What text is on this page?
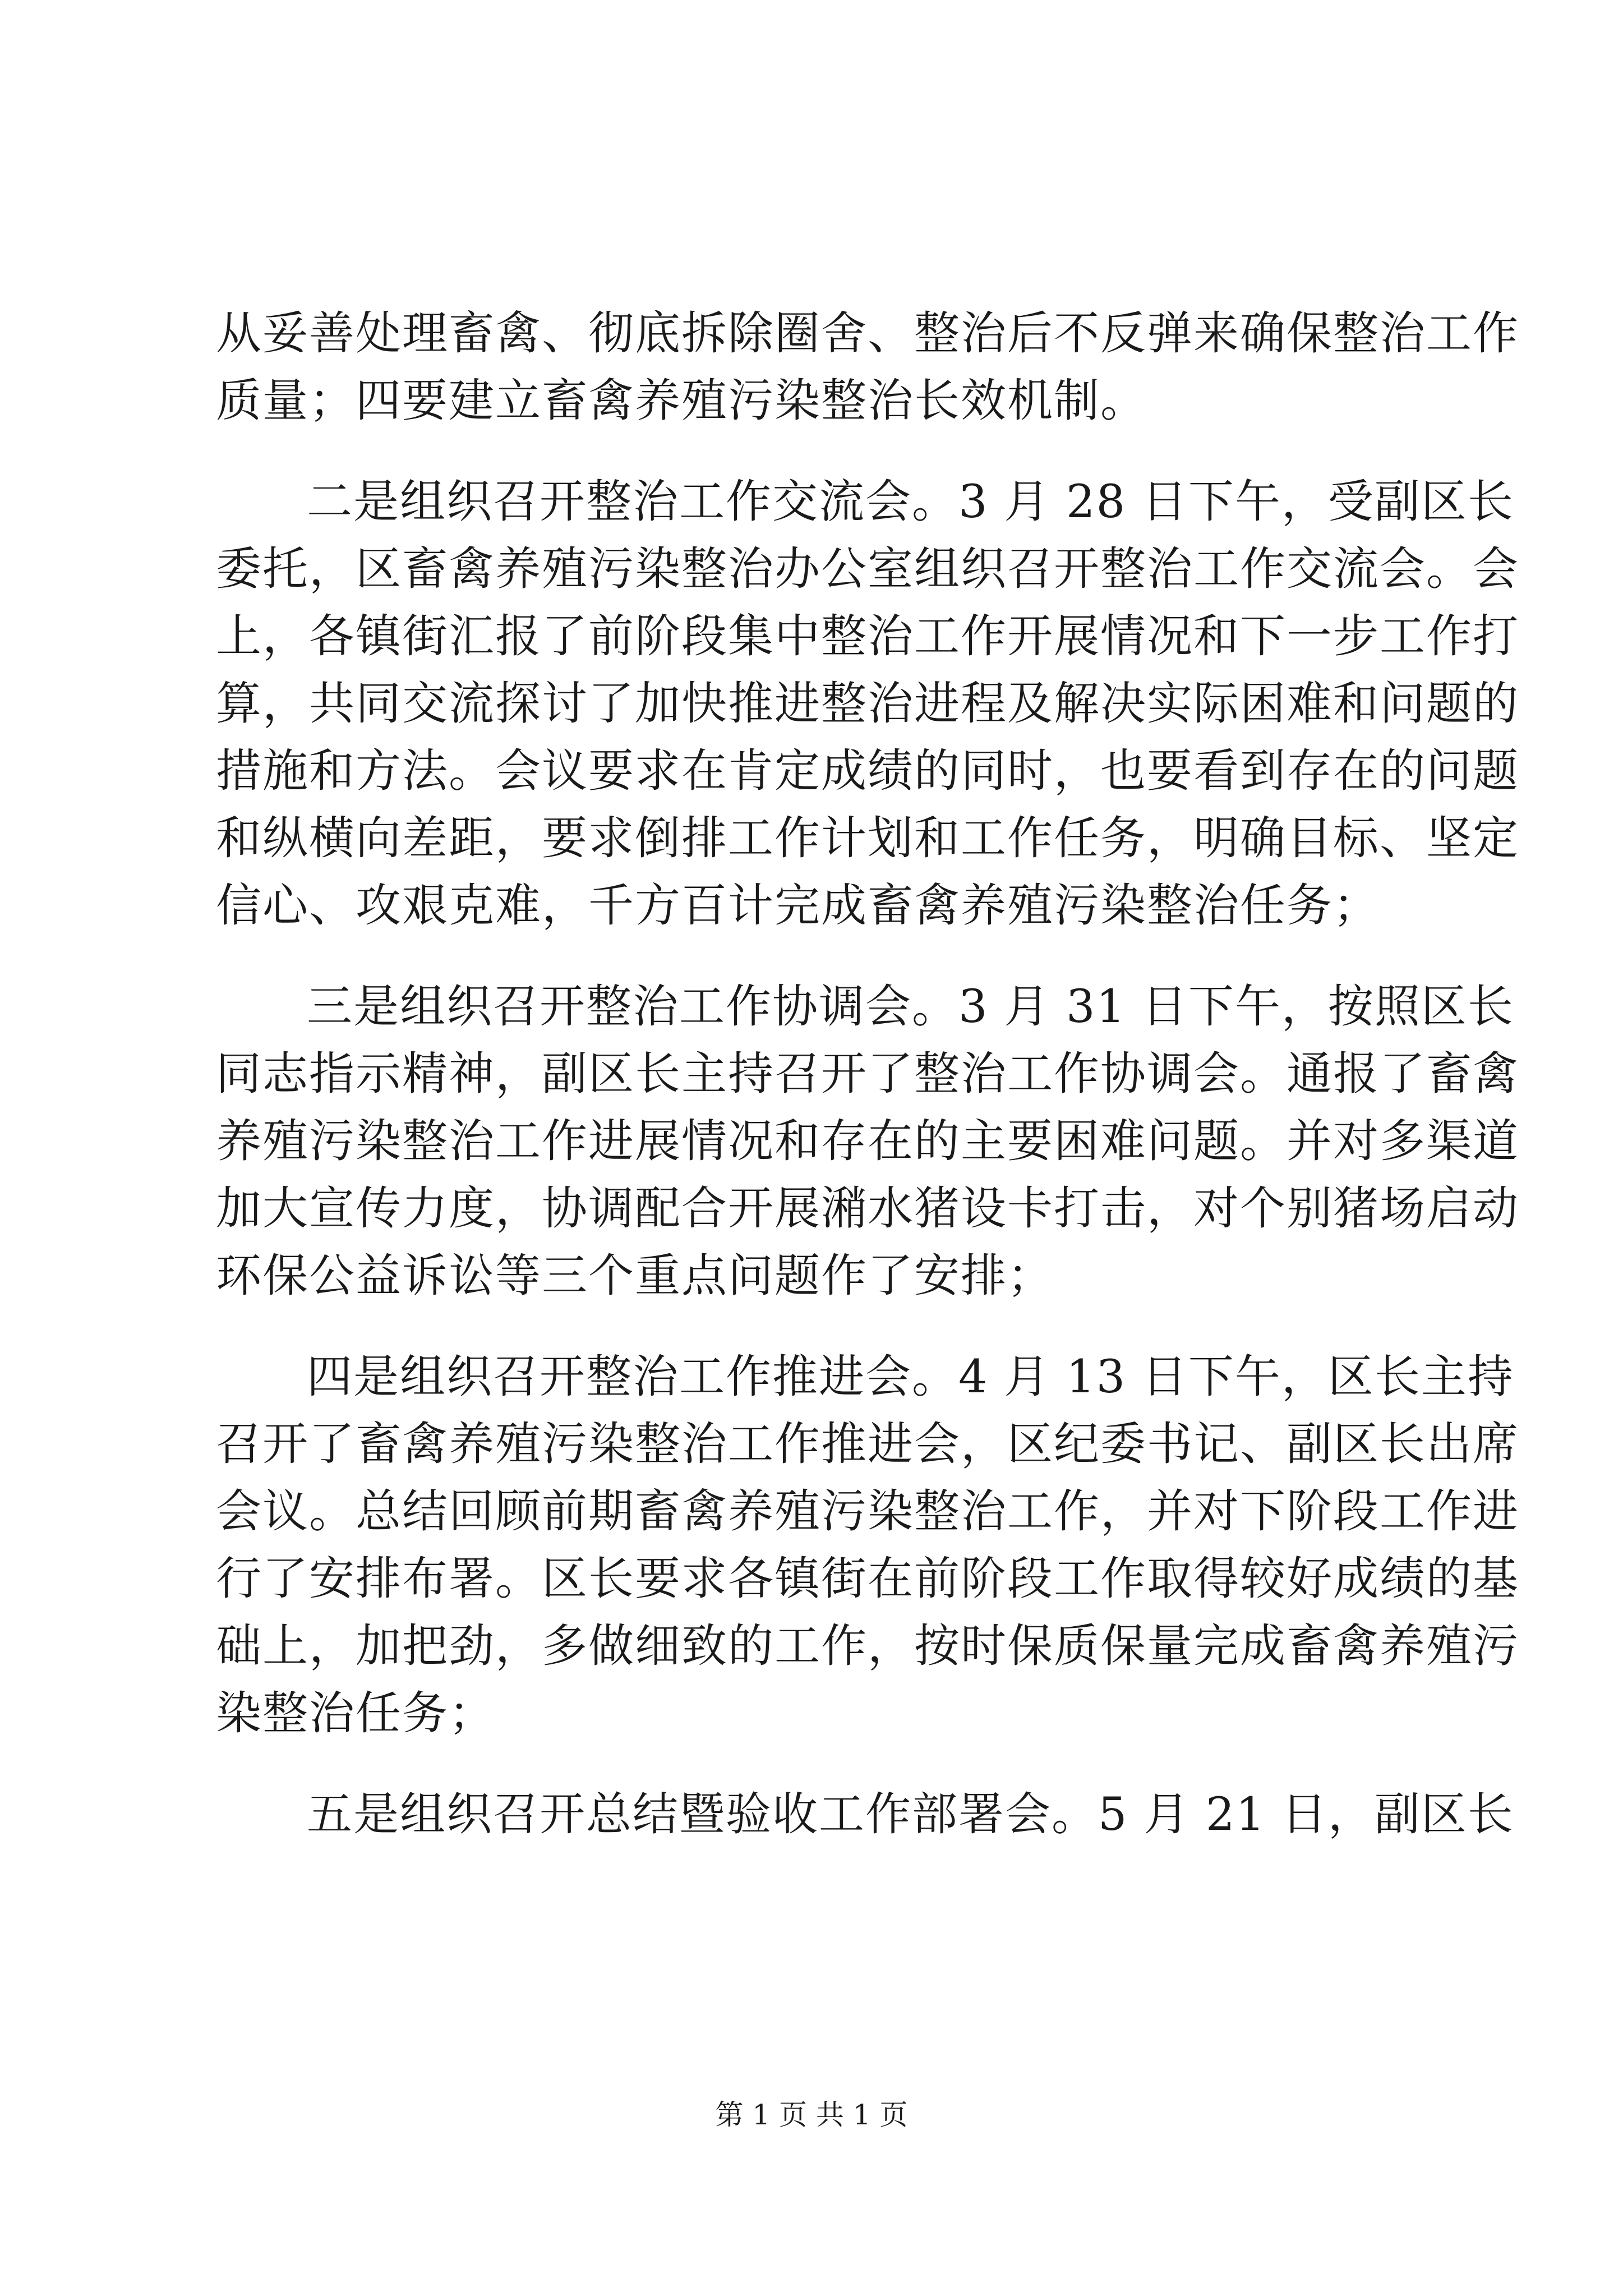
从妥善处理畜禽、彻底拆除圈舍、整治后不反弹来确保整治工作
质量；四要建立畜禽养殖污染整治长效机制。
二是组织召开整治工作交流会。3 月 28 日下午，受副区长
委托，区畜禽养殖污染整治办公室组织召开整治工作交流会。会
上，各镇街汇报了前阶段集中整治工作开展情况和下一步工作打
算，共同交流探讨了加快推进整治进程及解决实际困难和问题的
措施和方法。会议要求在肯定成绩的同时，也要看到存在的问题
和纵横向差距，要求倒排工作计划和工作任务，明确目标、坚定
信心、攻艰克难，千方百计完成畜禽养殖污染整治任务；
三是组织召开整治工作协调会。3 月 31 日下午，按照区长
同志指示精神，副区长主持召开了整治工作协调会。通报了畜禽
养殖污染整治工作进展情况和存在的主要困难问题。并对多渠道
加大宣传力度，协调配合开展潲水猪设卡打击，对个别猪场启动
环保公益诉讼等三个重点问题作了安排；
四是组织召开整治工作推进会。4 月 13 日下午，区长主持
召开了畜禽养殖污染整治工作推进会，区纪委书记、副区长出席
会议。总结回顾前期畜禽养殖污染整治工作，并对下阶段工作进
行了安排布署。区长要求各镇街在前阶段工作取得较好成绩的基
础上，加把劲，多做细致的工作，按时保质保量完成畜禽养殖污
染整治任务；
五是组织召开总结暨验收工作部署会。5 月 21 日，副区长
第 1 页 共 1 页
